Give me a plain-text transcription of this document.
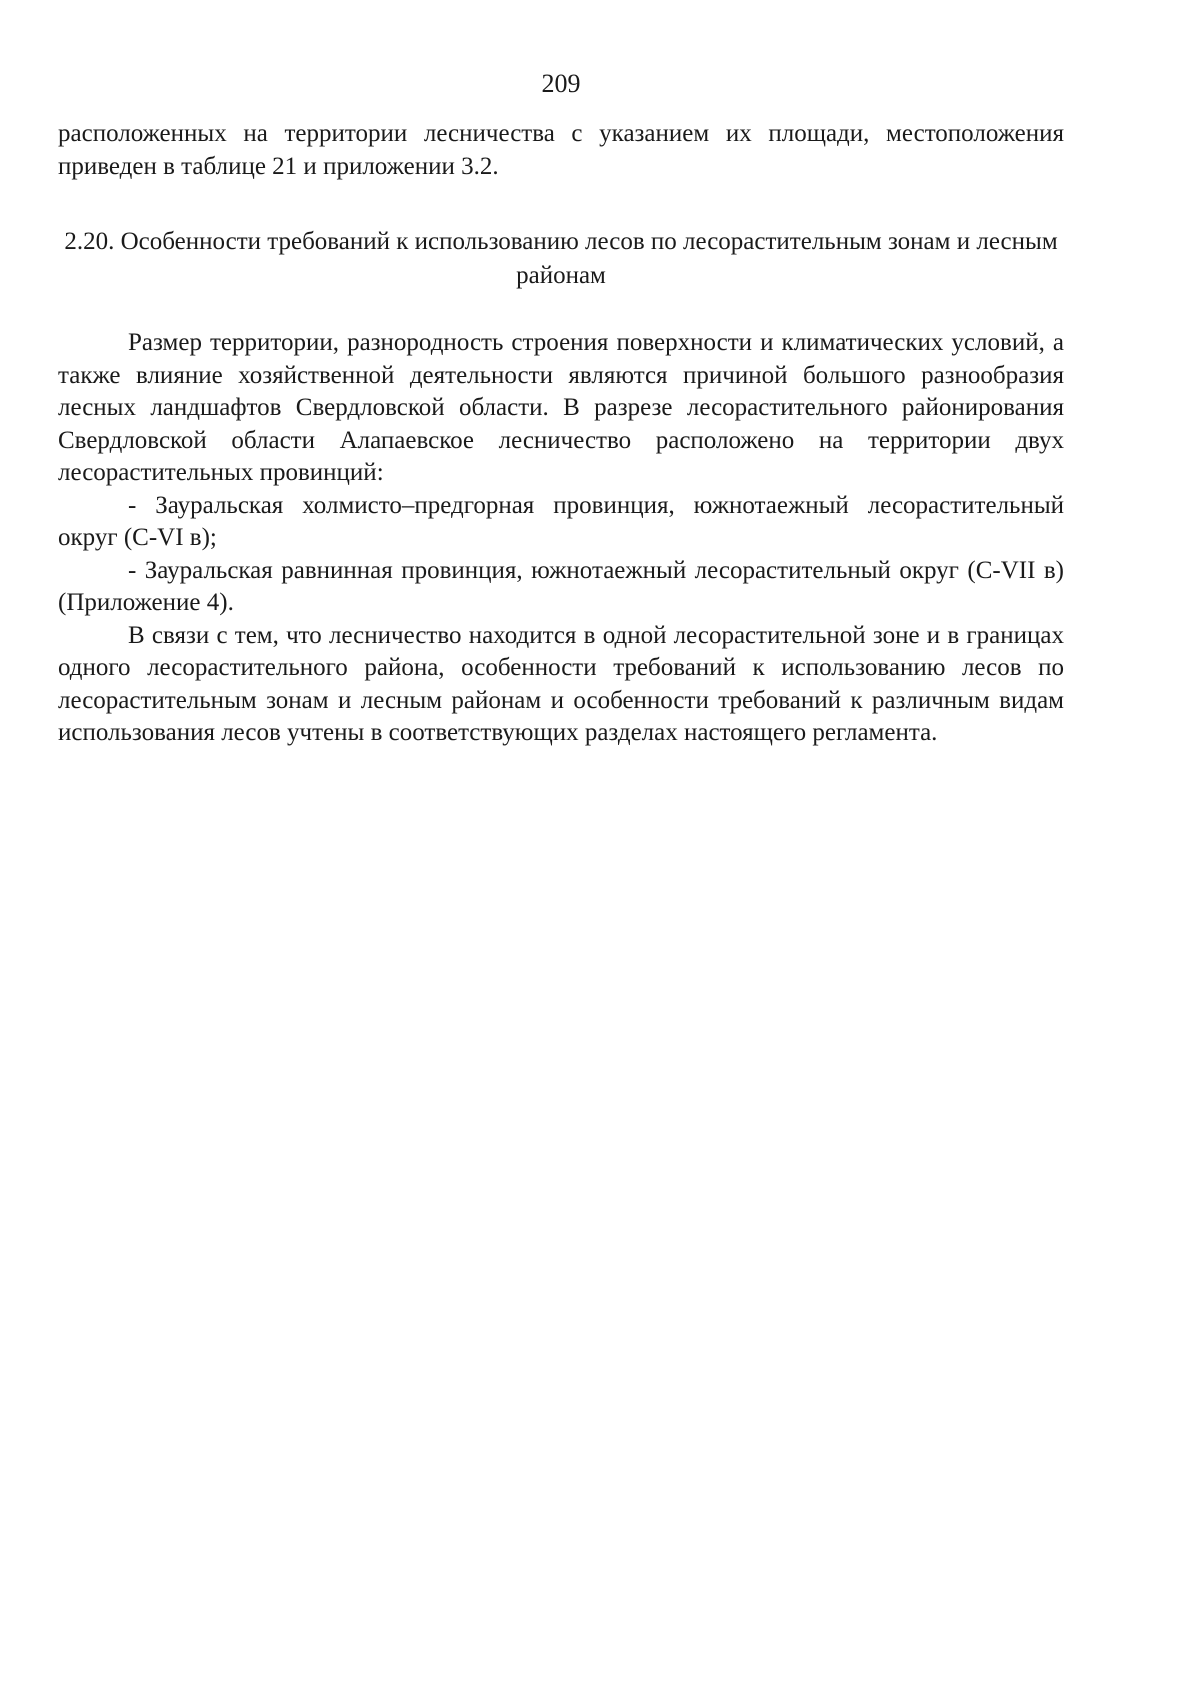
209

расположенных на территории лесничества с указанием их площади, местоположения приведен в таблице 21 и приложении 3.2.

2.20. Особенности требований к использованию лесов по лесорастительным зонам и лесным районам

Размер территории, разнородность строения поверхности и климатических условий, а также влияние хозяйственной деятельности являются причиной большого разнообразия лесных ландшафтов Свердловской области. В разрезе лесорастительного районирования Свердловской области Алапаевское лесничество расположено на территории двух лесорастительных провинций:

- Зауральская холмисто–предгорная провинция, южнотаежный лесорастительный округ (С-VI в);

- Зауральская равнинная провинция, южнотаежный лесорастительный округ (С-VII в) (Приложение 4).

В связи с тем, что лесничество находится в одной лесорастительной зоне и в границах одного лесорастительного района, особенности требований к использованию лесов по лесорастительным зонам и лесным районам и особенности требований к различным видам использования лесов учтены в соответствующих разделах настоящего регламента.
